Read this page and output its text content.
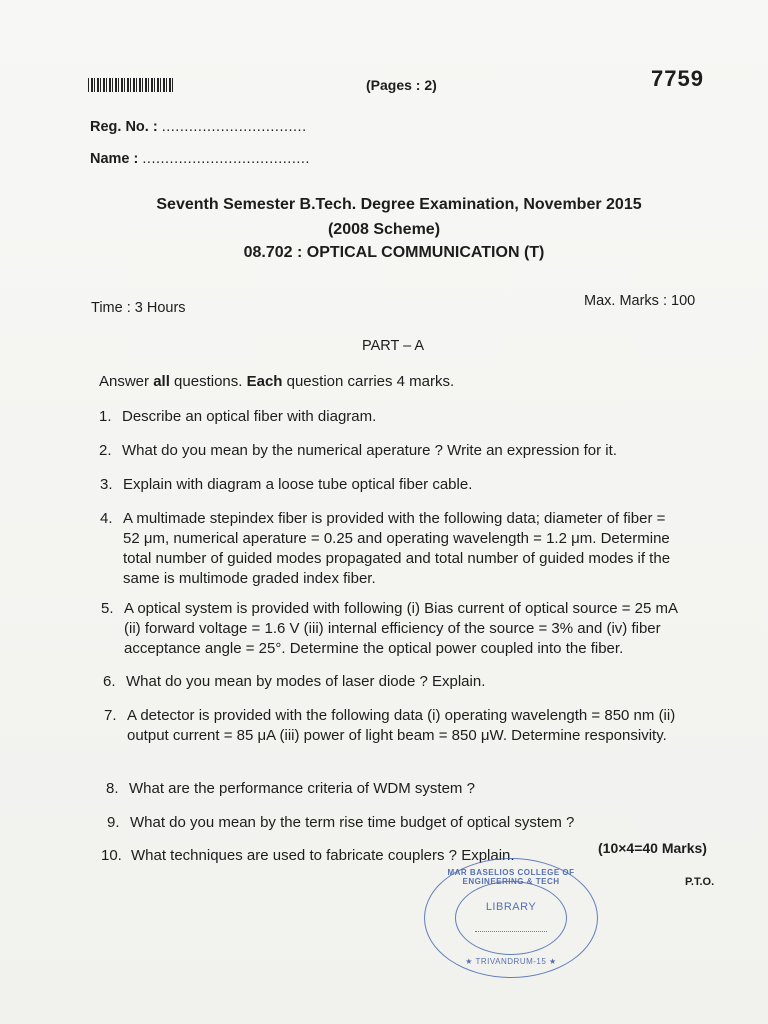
(Pages : 2)	7759
Reg. No. : ................................
Name : .....................................
Seventh Semester B.Tech. Degree Examination, November 2015
(2008 Scheme)
08.702 : OPTICAL COMMUNICATION (T)
Time : 3 Hours	Max. Marks : 100
PART – A
Answer all questions. Each question carries 4 marks.
1. Describe an optical fiber with diagram.
2. What do you mean by the numerical aperature ? Write an expression for it.
3. Explain with diagram a loose tube optical fiber cable.
4. A multimade stepindex fiber is provided with the following data; diameter of fiber = 52 μm, numerical aperature = 0.25 and operating wavelength = 1.2 μm. Determine total number of guided modes propagated and total number of guided modes if the same is multimode graded index fiber.
5. A optical system is provided with following (i) Bias current of optical source = 25 mA (ii) forward voltage = 1.6 V (iii) internal efficiency of the source = 3% and (iv) fiber acceptance angle = 25°. Determine the optical power coupled into the fiber.
6. What do you mean by modes of laser diode ? Explain.
7. A detector is provided with the following data (i) operating wavelength = 850 nm (ii) output current = 85 μA (iii) power of light beam = 850 μW. Determine responsivity.
8. What are the performance criteria of WDM system ?
9. What do you mean by the term rise time budget of optical system ?
10. What techniques are used to fabricate couplers ? Explain.	(10×4=40 Marks)
P.T.O.
MAR BASELIOS COLLEGE OF ENGINEERING & TECH
LIBRARY
★ TRIVANDRUM-15 ★
